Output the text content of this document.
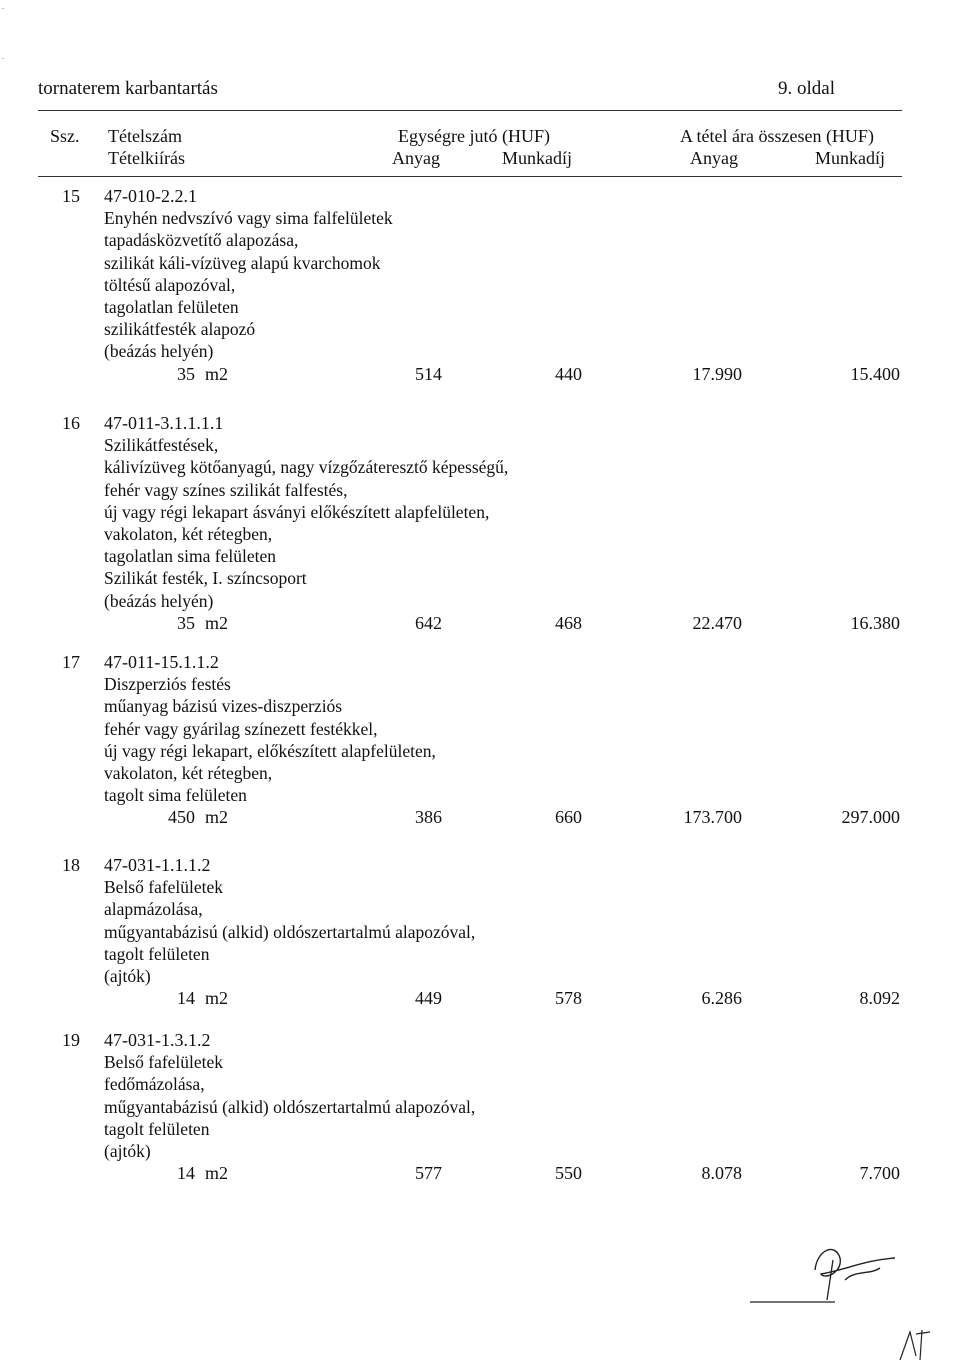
.
.
tornaterem karbantartás	9. oldal
Ssz. Tételszám	Egységre jutó (HUF)	A tétel ára összesen (HUF)
Tételkiírás	Anyag	Munkadíj	Anyag	Munkadíj
15 47-010-2.2.1
Enyhén nedvszívó vagy sima falfelületek
tapadásközvetítő alapozása,
szilikát káli-vízüveg alapú kvarchomok
töltésű alapozóval,
tagolatlan felületen
szilikátfesték alapozó
(beázás helyén)
35 m2	514	440	17.990	15.400
16 47-011-3.1.1.1.1
Szilikátfestések,
kálivízüveg kötőanyagú, nagy vízgőzáteresztő képességű,
fehér vagy színes szilikát falfestés,
új vagy régi lekapart ásványi előkészített alapfelületen,
vakolaton, két rétegben,
tagolatlan sima felületen
Szilikát festék, I. színcsoport
(beázás helyén)
35 m2	642	468	22.470	16.380
17 47-011-15.1.1.2
Diszperziós festés
műanyag bázisú vizes-diszperziós
fehér vagy gyárilag színezett festékkel,
új vagy régi lekapart, előkészített alapfelületen,
vakolaton, két rétegben,
tagolt sima felületen
450 m2	386	660	173.700	297.000
18 47-031-1.1.1.2
Belső fafelületek
alapmázolása,
műgyantabázisú (alkid) oldószertartalmú alapozóval,
tagolt felületen
(ajtók)
14 m2	449	578	6.286	8.092
19 47-031-1.3.1.2
Belső fafelületek
fedőmázolása,
műgyantabázisú (alkid) oldószertartalmú alapozóval,
tagolt felületen
(ajtók)
14 m2	577	550	8.078	7.700
